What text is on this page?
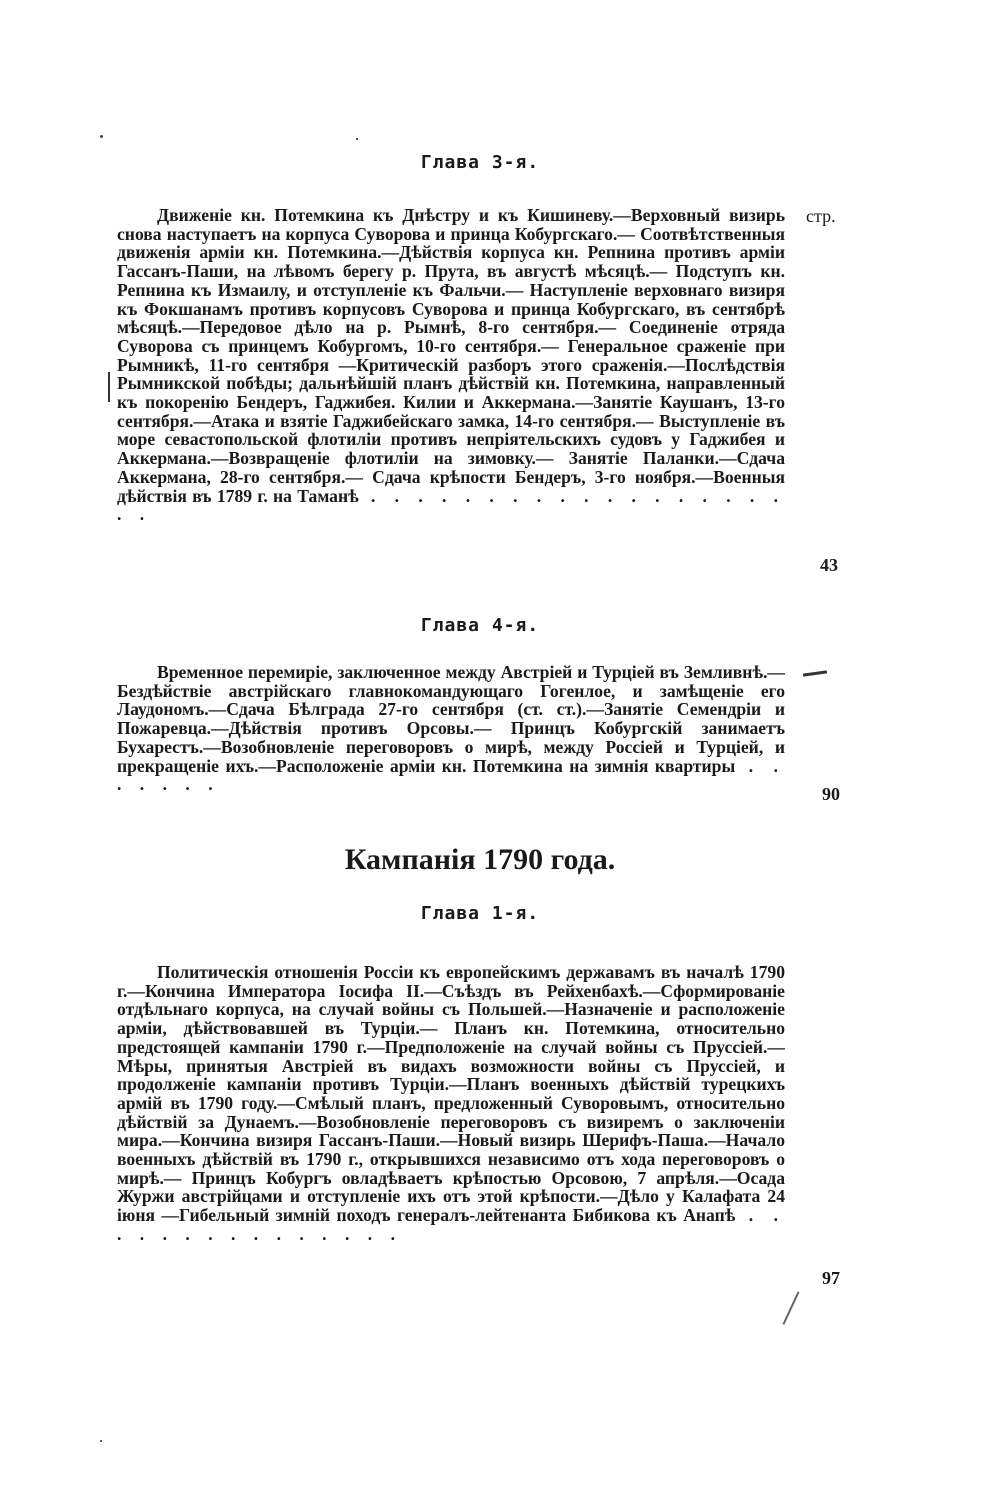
Глава 3-я.
стр.
Движеніе кн. Потемкина къ Днѣстру и къ Кишиневу.—Верховный визирь снова наступаетъ на корпуса Суворова и принца Кобургскаго.— Соотвѣтственныя движенія арміи кн. Потемкина.—Дѣйствія корпуса кн. Репнина противъ арміи Гассанъ-Паши, на лѣвомъ берегу р. Прута, въ августѣ мѣсяцѣ.— Подступъ кн. Репнина къ Измаилу, и отступленіе къ Фальчи.— Наступленіе верховнаго визиря къ Фокшанамъ противъ корпусовъ Суворова и принца Кобургскаго, въ сентябрѣ мѣсяцѣ.—Передовое дѣло на р. Рымнѣ, 8-го сентября.— Соединеніе отряда Суворова съ принцемъ Кобургомъ, 10-го сентября.— Генеральное сраженіе при Рымникѣ, 11-го сентября —Критическій разборъ этого сраженія.—Послѣдствія Рымникской побѣды; дальнѣйшій планъ дѣйствій кн. Потемкина, направленный къ покоренію Бендеръ, Гаджибея. Килии и Аккермана.—Занятіе Каушанъ, 13-го сентября.—Атака и взятіе Гаджибейскаго замка, 14-го сентября.— Выступленіе въ море севастопольской флотиліи противъ непріятельскихъ судовъ у Гаджибея и Аккермана.—Возвращеніе флотиліи на зимовку.— Занятіе Паланки.—Сдача Аккермана, 28-го сентября.— Сдача крѣпости Бендеръ, 3-го ноября.—Военныя дѣйствія въ 1789 г. на Таманѣ . . . . . . . . . . . . . . . . . . . .
43
Глава 4-я.
Временное перемиріе, заключенное между Австріей и Турціей въ Земливнѣ.— Бездѣйствіе австрійскаго главнокомандующаго Гогенлое, и замѣщеніе его Лаудономъ.—Сдача Бѣлграда 27-го сентября (ст. ст.).—Занятіе Семендріи и Пожаревца.—Дѣйствія противъ Орсовы.— Принцъ Кобургскій занимаетъ Бухарестъ.—Возобновленіе переговоровъ о мирѣ, между Россіей и Турціей, и прекращеніе ихъ.—Расположеніе арміи кн. Потемкина на зимнія квартиры . . . . . . .	90
Кампанія 1790 года.
Глава 1-я.
Политическія отношенія Россіи къ европейскимъ державамъ въ началѣ 1790 г.—Кончина Императора Іосифа II.—Съѣздъ въ Рейхенбахѣ.—Сформированіе отдѣльнаго корпуса, на случай войны съ Польшей.—Назначеніе и расположеніе арміи, дѣйствовавшей въ Турціи.— Планъ кн. Потемкина, относительно предстоящей кампаніи 1790 г.—Предположеніе на случай войны съ Пруссіей.—Мѣры, принятыя Австріей въ видахъ возможности войны съ Пруссіей, и продолженіе кампаніи противъ Турціи.—Планъ военныхъ дѣйствій турецкихъ армій въ 1790 году.—Смѣлый планъ, предложенный Суворовымъ, относительно дѣйствій за Дунаемъ.—Возобновленіе переговоровъ съ визиремъ о заключеніи мира.—Кончина визиря Гассанъ-Паши.—Новый визирь Шерифъ-Паша.—Начало военныхъ дѣйствій въ 1790 г., открывшихся независимо отъ хода переговоровъ о мирѣ.— Принцъ Кобургъ овладѣваетъ крѣпостью Орсовою, 7 апрѣля.—Осада Журжи австрійцами и отступленіе ихъ отъ этой крѣпости.—Дѣло у Калафата 24 іюня —Гибельный зимній походъ генералъ-лейтенанта Бибикова къ Анапѣ . . . . . . . . . . . . . . .
97
